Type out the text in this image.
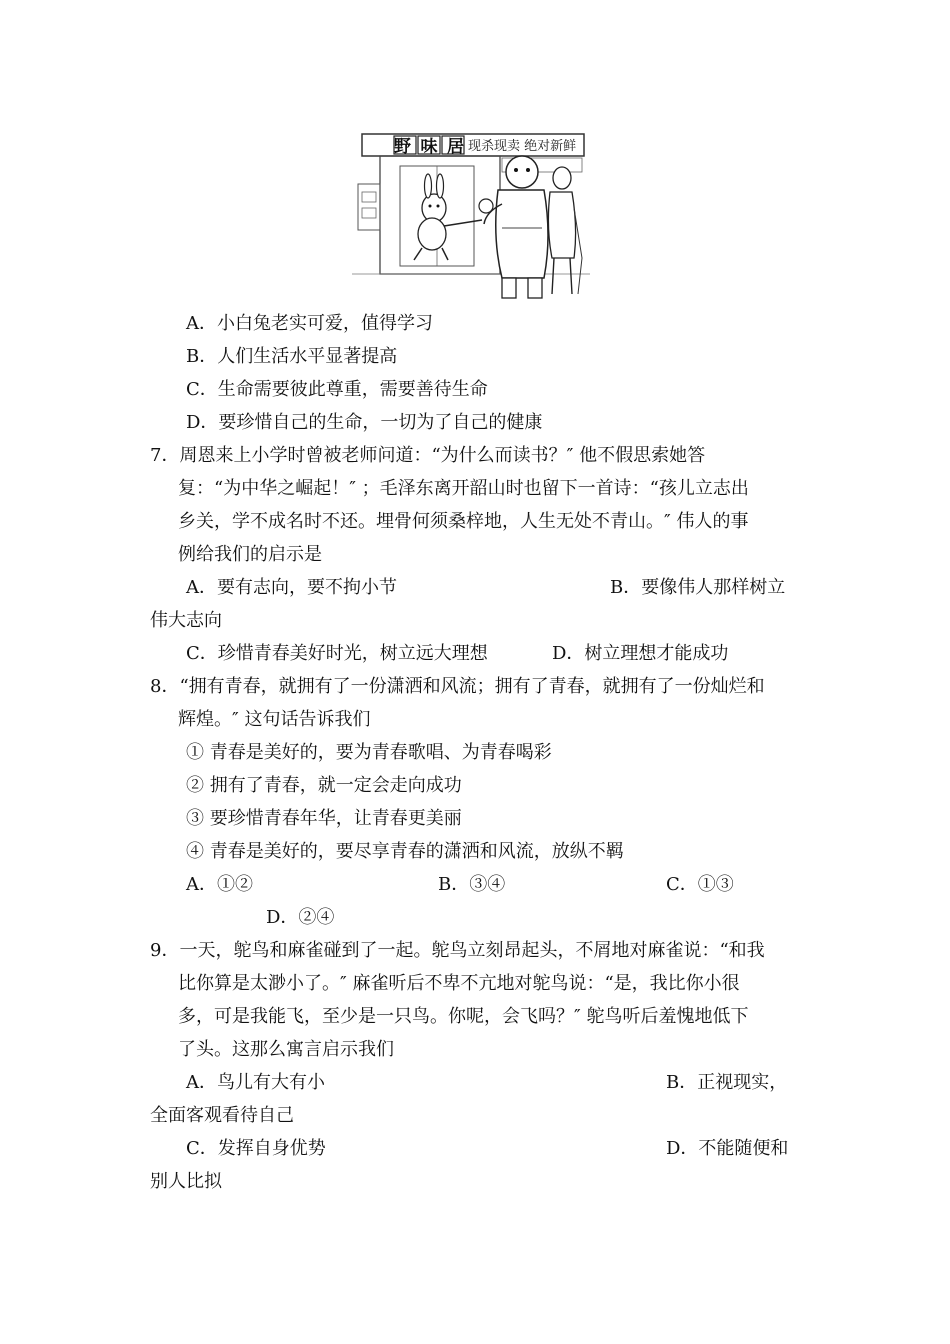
野味居 现杀现卖 绝对新鲜
A．小白兔老实可爱，值得学习
B．人们生活水平显著提高
C．生命需要彼此尊重，需要善待生命
D．要珍惜自己的生命，一切为了自己的健康
7．周恩来上小学时曾被老师问道：“为什么而读书？″ 他不假思索她答
复：“为中华之崛起！″ ；毛泽东离开韶山时也留下一首诗：“孩儿立志出
乡关，学不成名时不还。埋骨何须桑梓地，人生无处不青山。″ 伟人的事
例给我们的启示是
A．要有志向，要不拘小节	B．要像伟人那样树立
伟大志向
C．珍惜青春美好时光，树立远大理想	D．树立理想才能成功
8．“拥有青春，就拥有了一份潇洒和风流；拥有了青春，就拥有了一份灿烂和
辉煌。″ 这句话告诉我们
① 青春是美好的，要为青春歌唱、为青春喝彩
② 拥有了青春，就一定会走向成功
③ 要珍惜青春年华，让青春更美丽
④ 青春是美好的，要尽享青春的潇洒和风流，放纵不羁
A．①②	B．③④	C．①③
D．②④
9．一天，鸵鸟和麻雀碰到了一起。鸵鸟立刻昂起头，不屑地对麻雀说：“和我
比你算是太渺小了。″ 麻雀听后不卑不亢地对鸵鸟说：“是，我比你小很
多，可是我能飞，至少是一只鸟。你呢，会飞吗？″ 鸵鸟听后羞愧地低下
了头。这那么寓言启示我们
A．鸟儿有大有小	B．正视现实，
全面客观看待自己
C．发挥自身优势	D．不能随便和
别人比拟
